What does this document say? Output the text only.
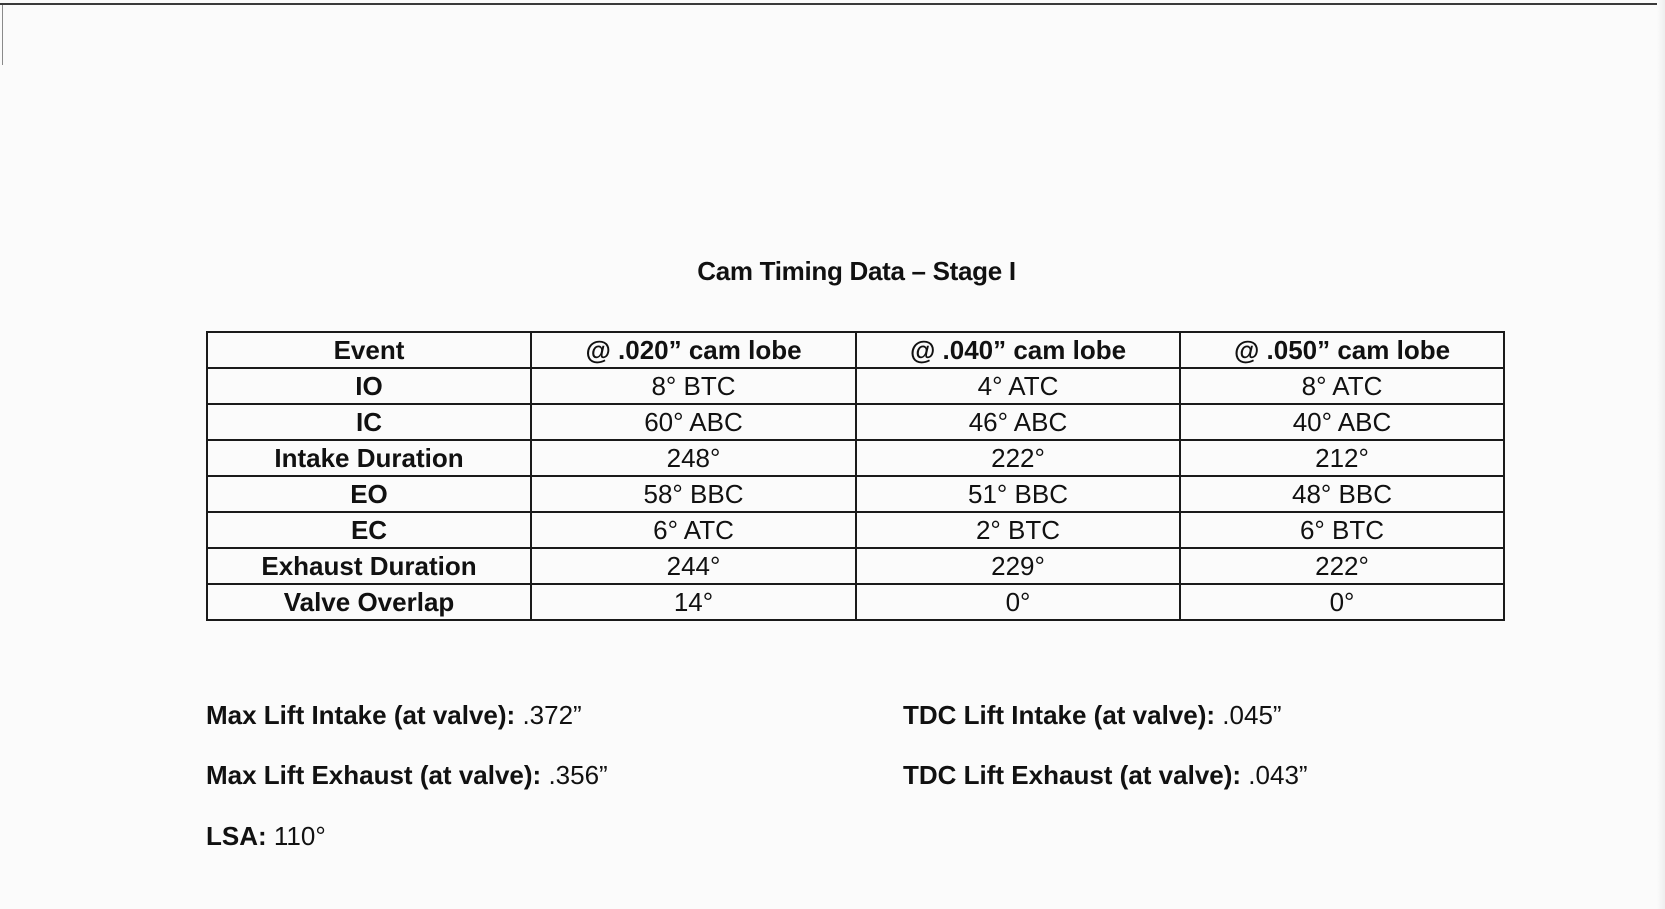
Cam Timing Data – Stage I
Event	@ .020” cam lobe	@ .040” cam lobe	@ .050” cam lobe
IO	8° BTC	4° ATC	8° ATC
IC	60° ABC	46° ABC	40° ABC
Intake Duration	248°	222°	212°
EO	58° BBC	51° BBC	48° BBC
EC	6° ATC	2° BTC	6° BTC
Exhaust Duration	244°	229°	222°
Valve Overlap	14°	0°	0°
Max Lift Intake (at valve): .372”
Max Lift Exhaust (at valve): .356”
LSA: 110°
TDC Lift Intake (at valve): .045”
TDC Lift Exhaust (at valve): .043”
